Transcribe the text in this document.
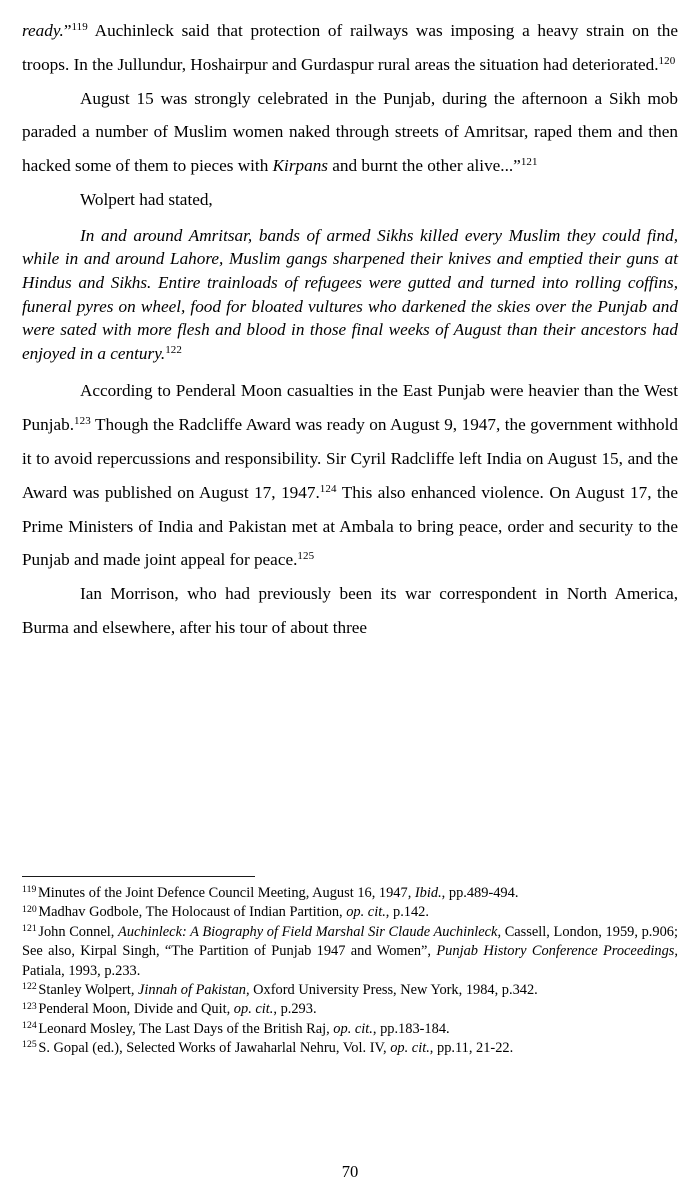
ready.”$^{119}$ Auchinleck said that protection of railways was imposing a heavy strain on the troops. In the Jullundur, Hoshairpur and Gurdaspur rural areas the situation had deteriorated.$^{120}$

August 15 was strongly celebrated in the Punjab, during the afternoon a Sikh mob paraded a number of Muslim women naked through streets of Amritsar, raped them and then hacked some of them to pieces with Kirpans and burnt the other alive...”$^{121}$

Wolpert had stated,

In and around Amritsar, bands of armed Sikhs killed every Muslim they could find, while in and around Lahore, Muslim gangs sharpened their knives and emptied their guns at Hindus and Sikhs. Entire trainloads of refugees were gutted and turned into rolling coffins, funeral pyres on wheel, food for bloated vultures who darkened the skies over the Punjab and were sated with more flesh and blood in those final weeks of August than their ancestors had enjoyed in a century.$^{122}$

According to Penderal Moon casualties in the East Punjab were heavier than the West Punjab.$^{123}$ Though the Radcliffe Award was ready on August 9, 1947, the government withhold it to avoid repercussions and responsibility. Sir Cyril Radcliffe left India on August 15, and the Award was published on August 17, 1947.$^{124}$ This also enhanced violence. On August 17, the Prime Ministers of India and Pakistan met at Ambala to bring peace, order and security to the Punjab and made joint appeal for peace.$^{125}$

Ian Morrison, who had previously been its war correspondent in North America, Burma and elsewhere, after his tour of about three

$^{119}$ Minutes of the Joint Defence Council Meeting, August 16, 1947, Ibid., pp.489-494.

$^{120}$ Madhav Godbole, The Holocaust of Indian Partition, op. cit., p.142.

$^{121}$ John Connel, Auchinleck: A Biography of Field Marshal Sir Claude Auchinleck, Cassell, London, 1959, p.906; See also, Kirpal Singh, “The Partition of Punjab 1947 and Women”, Punjab History Conference Proceedings, Patiala, 1993, p.233.

$^{122}$ Stanley Wolpert, Jinnah of Pakistan, Oxford University Press, New York, 1984, p.342.

$^{123}$ Penderal Moon, Divide and Quit, op. cit., p.293.

$^{124}$ Leonard Mosley, The Last Days of the British Raj, op. cit., pp.183-184.

$^{125}$ S. Gopal (ed.), Selected Works of Jawaharlal Nehru, Vol. IV, op. cit., pp.11, 21-22.

70
